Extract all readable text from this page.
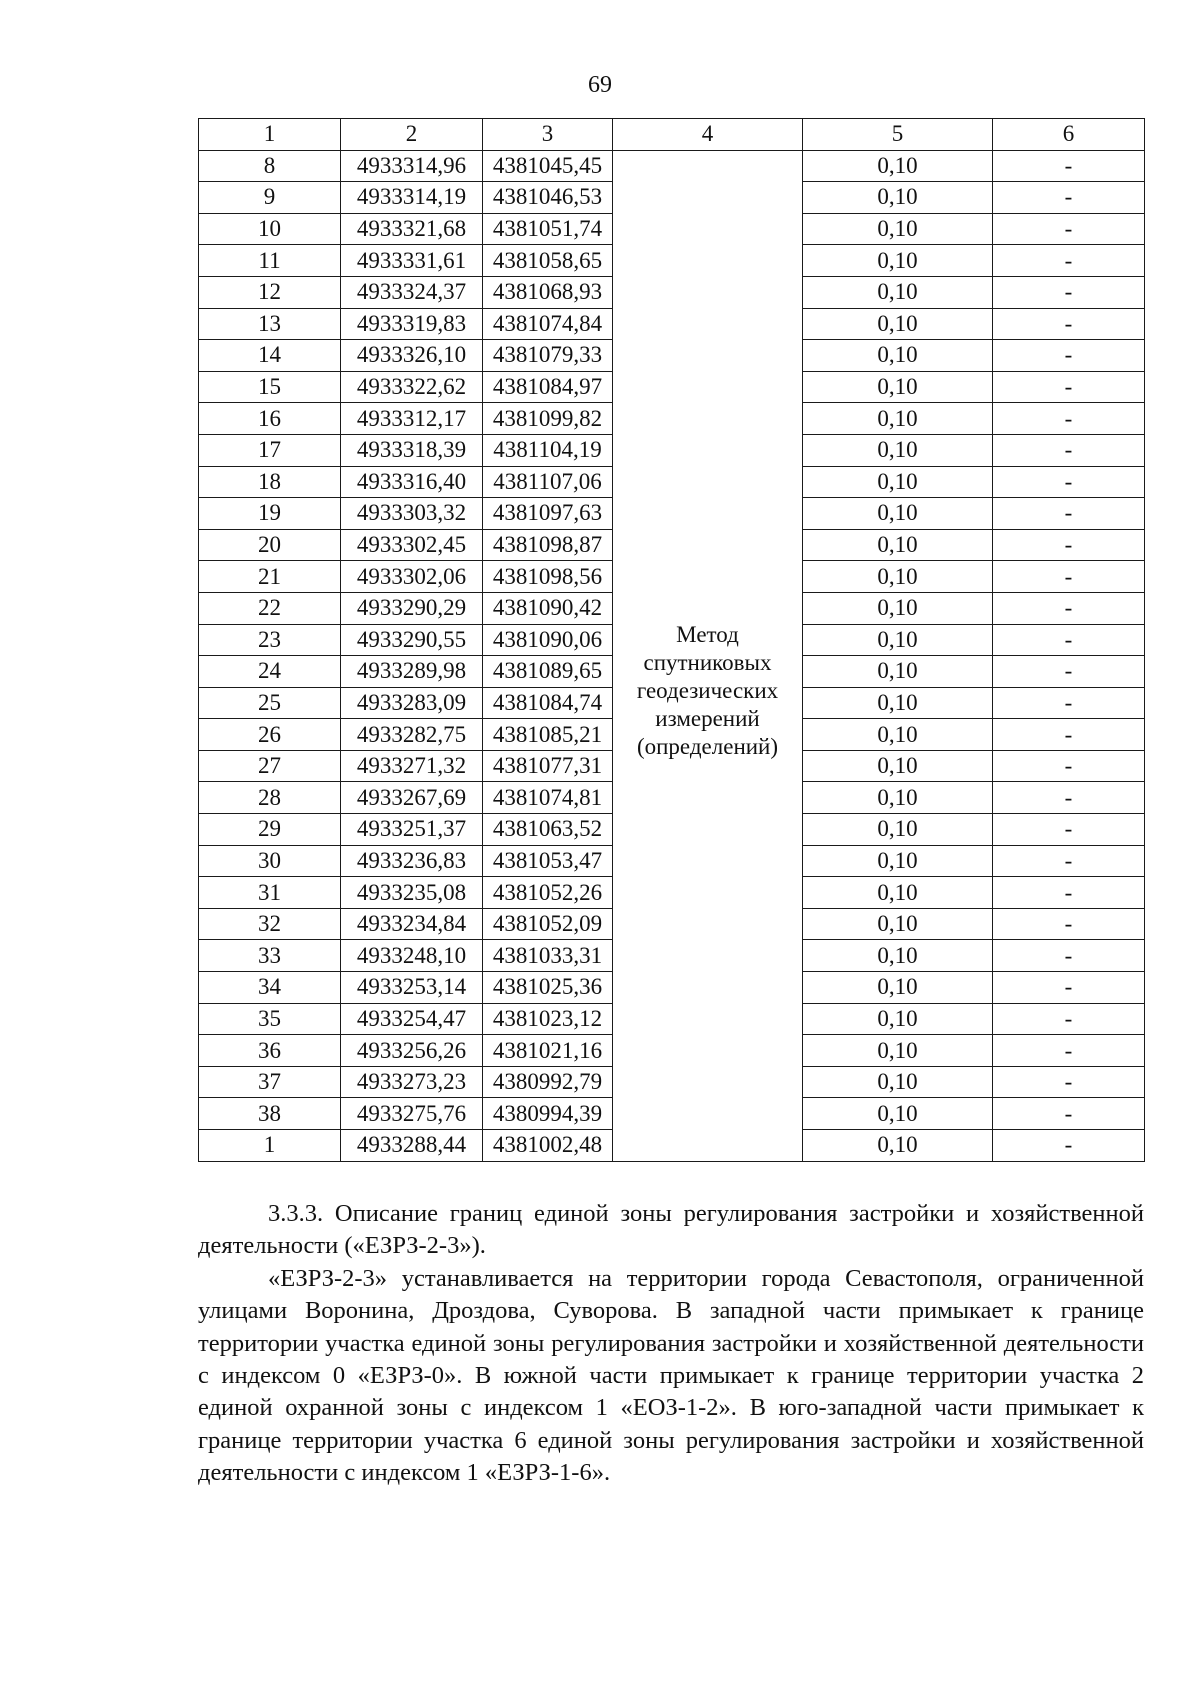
69
1	2	3	4	5	6
8	4933314,96	4381045,45	Метод спутниковых геодезических измерений (определений)	0,10	-
9	4933314,19	4381046,53		0,10	-
10	4933321,68	4381051,74		0,10	-
11	4933331,61	4381058,65		0,10	-
12	4933324,37	4381068,93		0,10	-
13	4933319,83	4381074,84		0,10	-
14	4933326,10	4381079,33		0,10	-
15	4933322,62	4381084,97		0,10	-
16	4933312,17	4381099,82		0,10	-
17	4933318,39	4381104,19		0,10	-
18	4933316,40	4381107,06		0,10	-
19	4933303,32	4381097,63		0,10	-
20	4933302,45	4381098,87		0,10	-
21	4933302,06	4381098,56		0,10	-
22	4933290,29	4381090,42		0,10	-
23	4933290,55	4381090,06		0,10	-
24	4933289,98	4381089,65		0,10	-
25	4933283,09	4381084,74		0,10	-
26	4933282,75	4381085,21		0,10	-
27	4933271,32	4381077,31		0,10	-
28	4933267,69	4381074,81		0,10	-
29	4933251,37	4381063,52		0,10	-
30	4933236,83	4381053,47		0,10	-
31	4933235,08	4381052,26		0,10	-
32	4933234,84	4381052,09		0,10	-
33	4933248,10	4381033,31		0,10	-
34	4933253,14	4381025,36		0,10	-
35	4933254,47	4381023,12		0,10	-
36	4933256,26	4381021,16		0,10	-
37	4933273,23	4380992,79		0,10	-
38	4933275,76	4380994,39		0,10	-
1	4933288,44	4381002,48		0,10	-

3.3.3. Описание границ единой зоны регулирования застройки и хозяйственной деятельности («ЕЗРЗ-2-3»).

«ЕЗРЗ-2-3» устанавливается на территории города Севастополя, ограниченной улицами Воронина, Дроздова, Суворова. В западной части примыкает к границе территории участка единой зоны регулирования застройки и хозяйственной деятельности с индексом 0 «ЕЗРЗ-0». В южной части примыкает к границе территории участка 2 единой охранной зоны с индексом 1 «ЕОЗ-1-2». В юго-западной части примыкает к границе территории участка 6 единой зоны регулирования застройки и хозяйственной деятельности с индексом 1 «ЕЗРЗ-1-6».
